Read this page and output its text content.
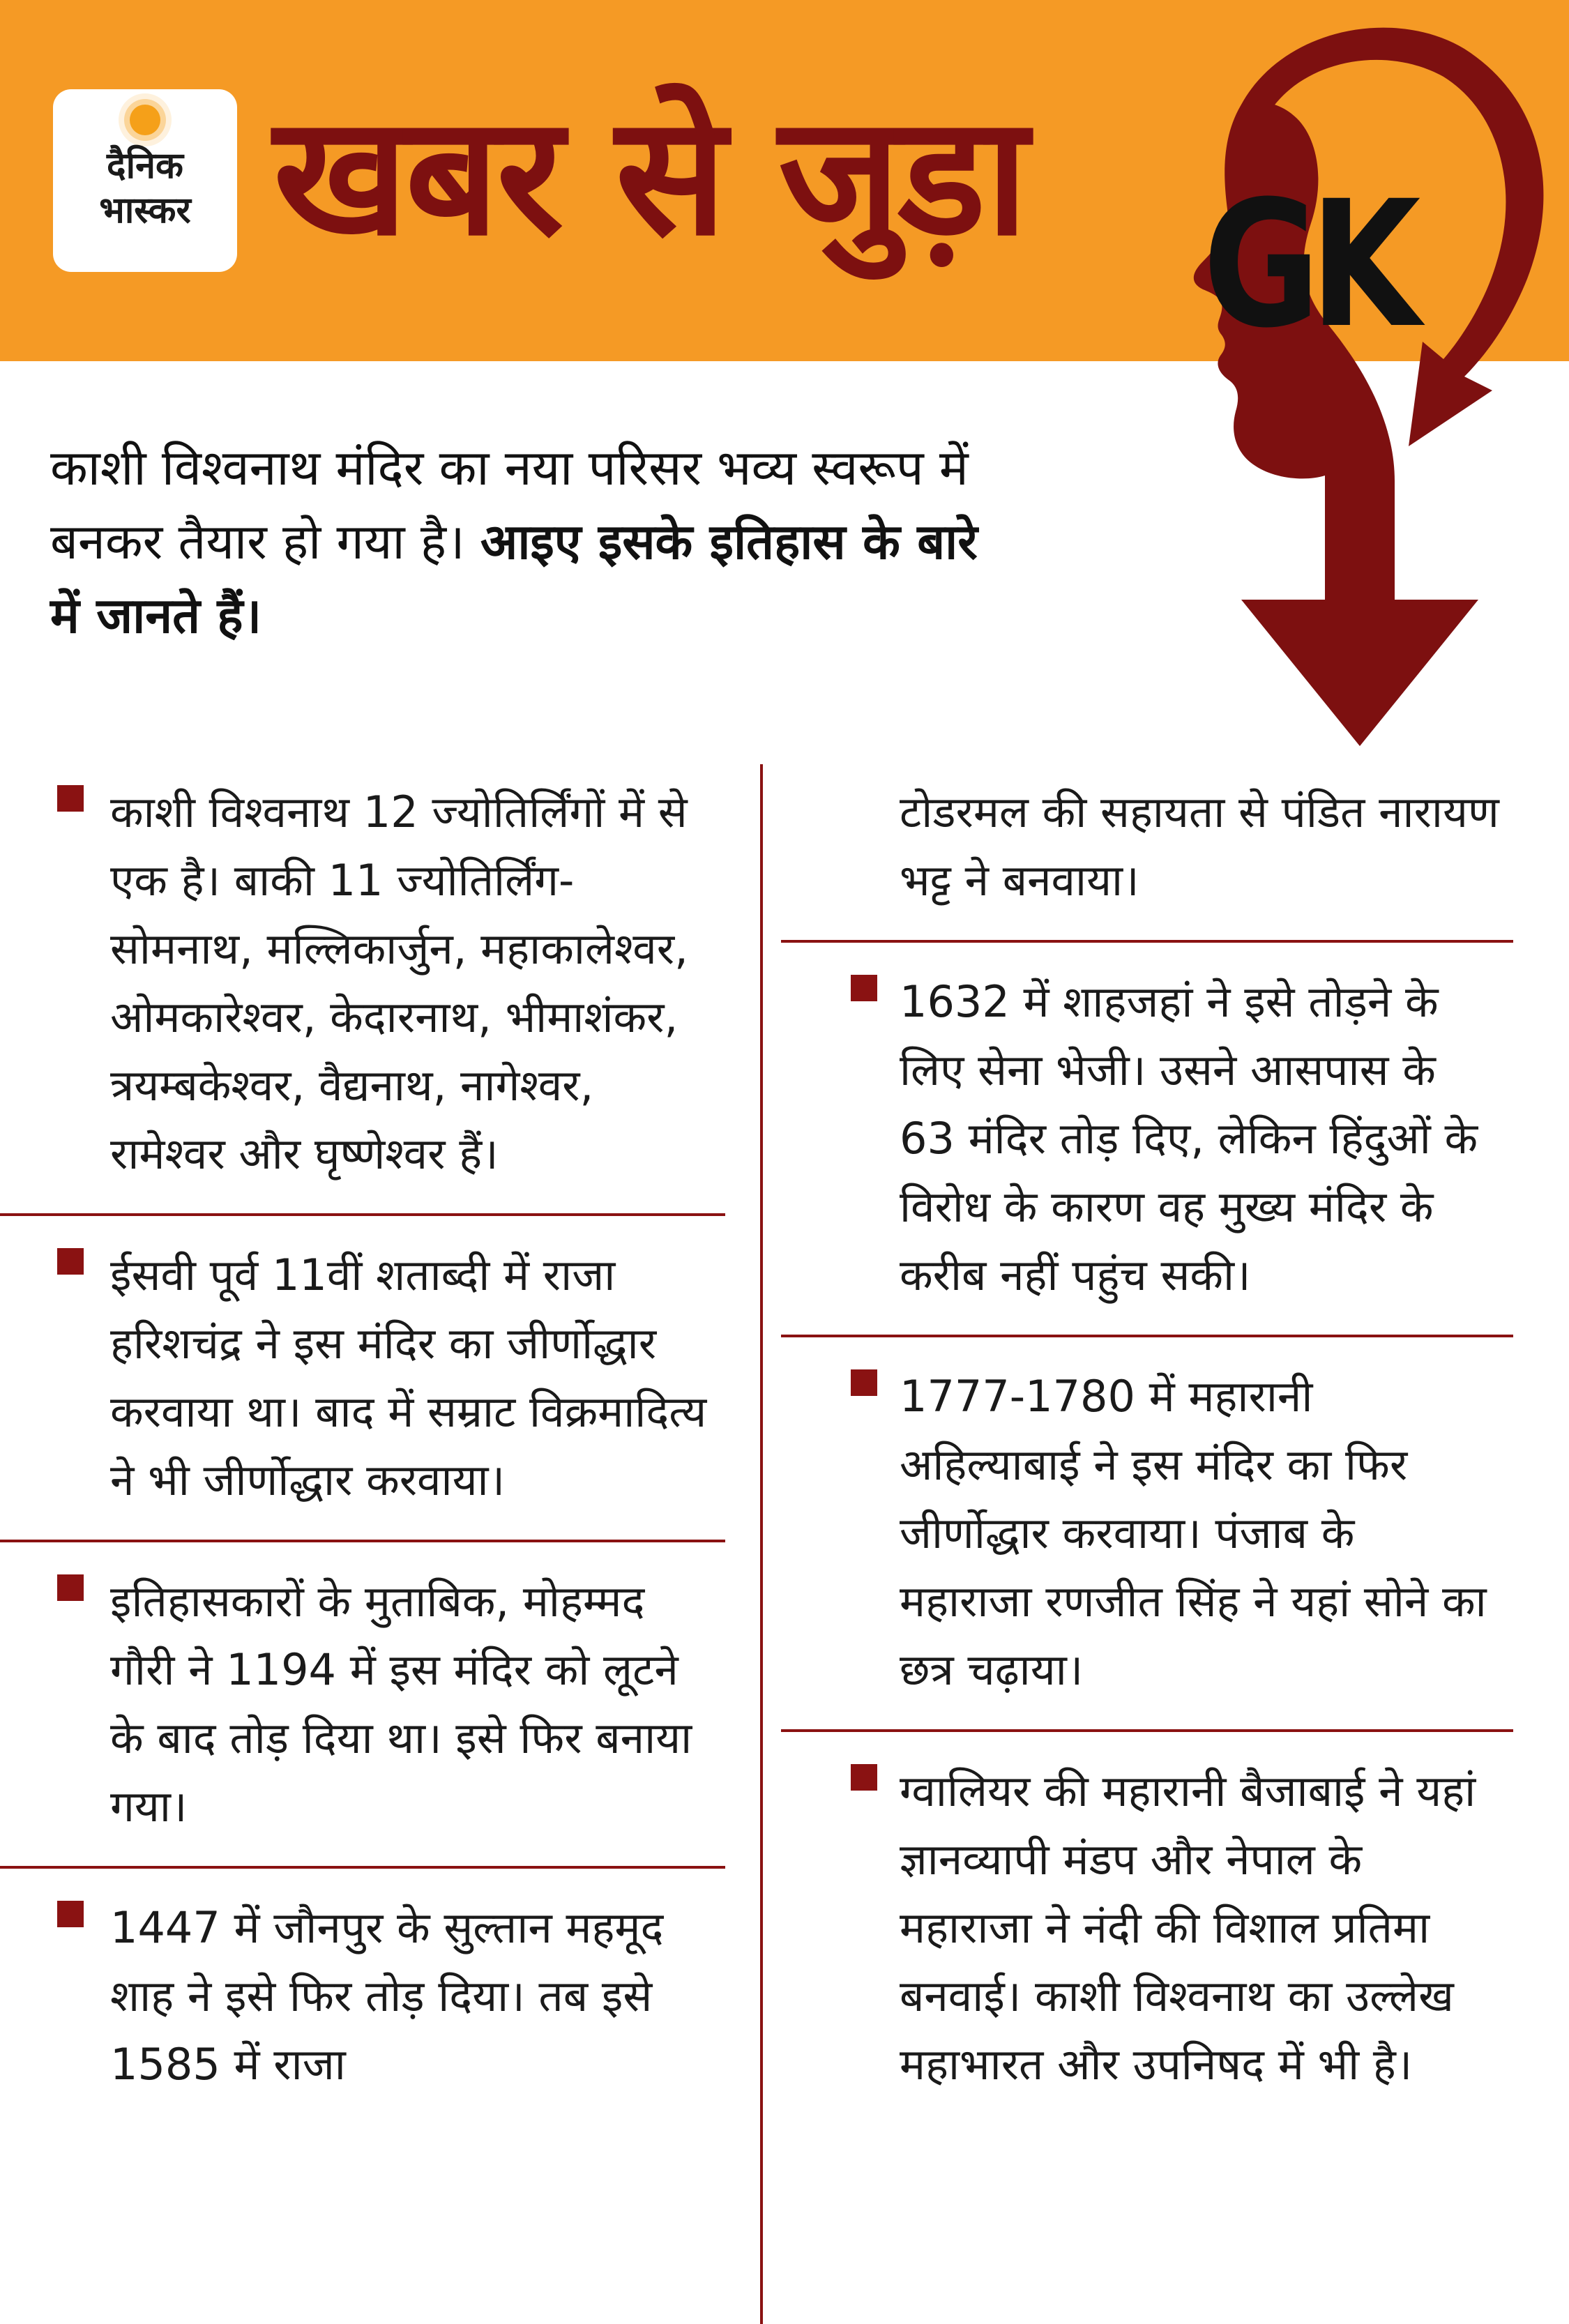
दैनिक
भास्कर खबर से जुड़ा GK
काशी विश्वनाथ मंदिर का नया परिसर भव्य स्वरूप में बनकर तैयार हो गया है। आइए इसके इतिहास के बारे में जानते हैं।
काशी विश्वनाथ 12 ज्योतिर्लिंगों में से एक है। बाकी 11 ज्योतिर्लिंग- सोमनाथ, मल्लिकार्जुन, महाकालेश्वर, ओमकारेश्वर, केदारनाथ, भीमाशंकर, त्रयम्बकेश्वर, वैद्यनाथ, नागेश्वर, रामेश्वर और घृष्णेश्वर हैं।
ईसवी पूर्व 11वीं शताब्दी में राजा हरिशचंद्र ने इस मंदिर का जीर्णोद्धार करवाया था। बाद में सम्राट विक्रमादित्य ने भी जीर्णोद्धार करवाया।
इतिहासकारों के मुताबिक, मोहम्मद गौरी ने 1194 में इस मंदिर को लूटने के बाद तोड़ दिया था। इसे फिर बनाया गया।
1447 में जौनपुर के सुल्तान महमूद शाह ने इसे फिर तोड़ दिया। तब इसे 1585 में राजा
टोडरमल की सहायता से पंडित नारायण भट्ट ने बनवाया।
1632 में शाहजहां ने इसे तोड़ने के लिए सेना भेजी। उसने आसपास के 63 मंदिर तोड़ दिए, लेकिन हिंदुओं के विरोध के कारण वह मुख्य मंदिर के करीब नहीं पहुंच सकी।
1777-1780 में महारानी अहिल्याबाई ने इस मंदिर का फिर जीर्णोद्धार करवाया। पंजाब के महाराजा रणजीत सिंह ने यहां सोने का छत्र चढ़ाया।
ग्वालियर की महारानी बैजाबाई ने यहां ज्ञानव्यापी मंडप और नेपाल के महाराजा ने नंदी की विशाल प्रतिमा बनवाई। काशी विश्वनाथ का उल्लेख महाभारत और उपनिषद में भी है।
